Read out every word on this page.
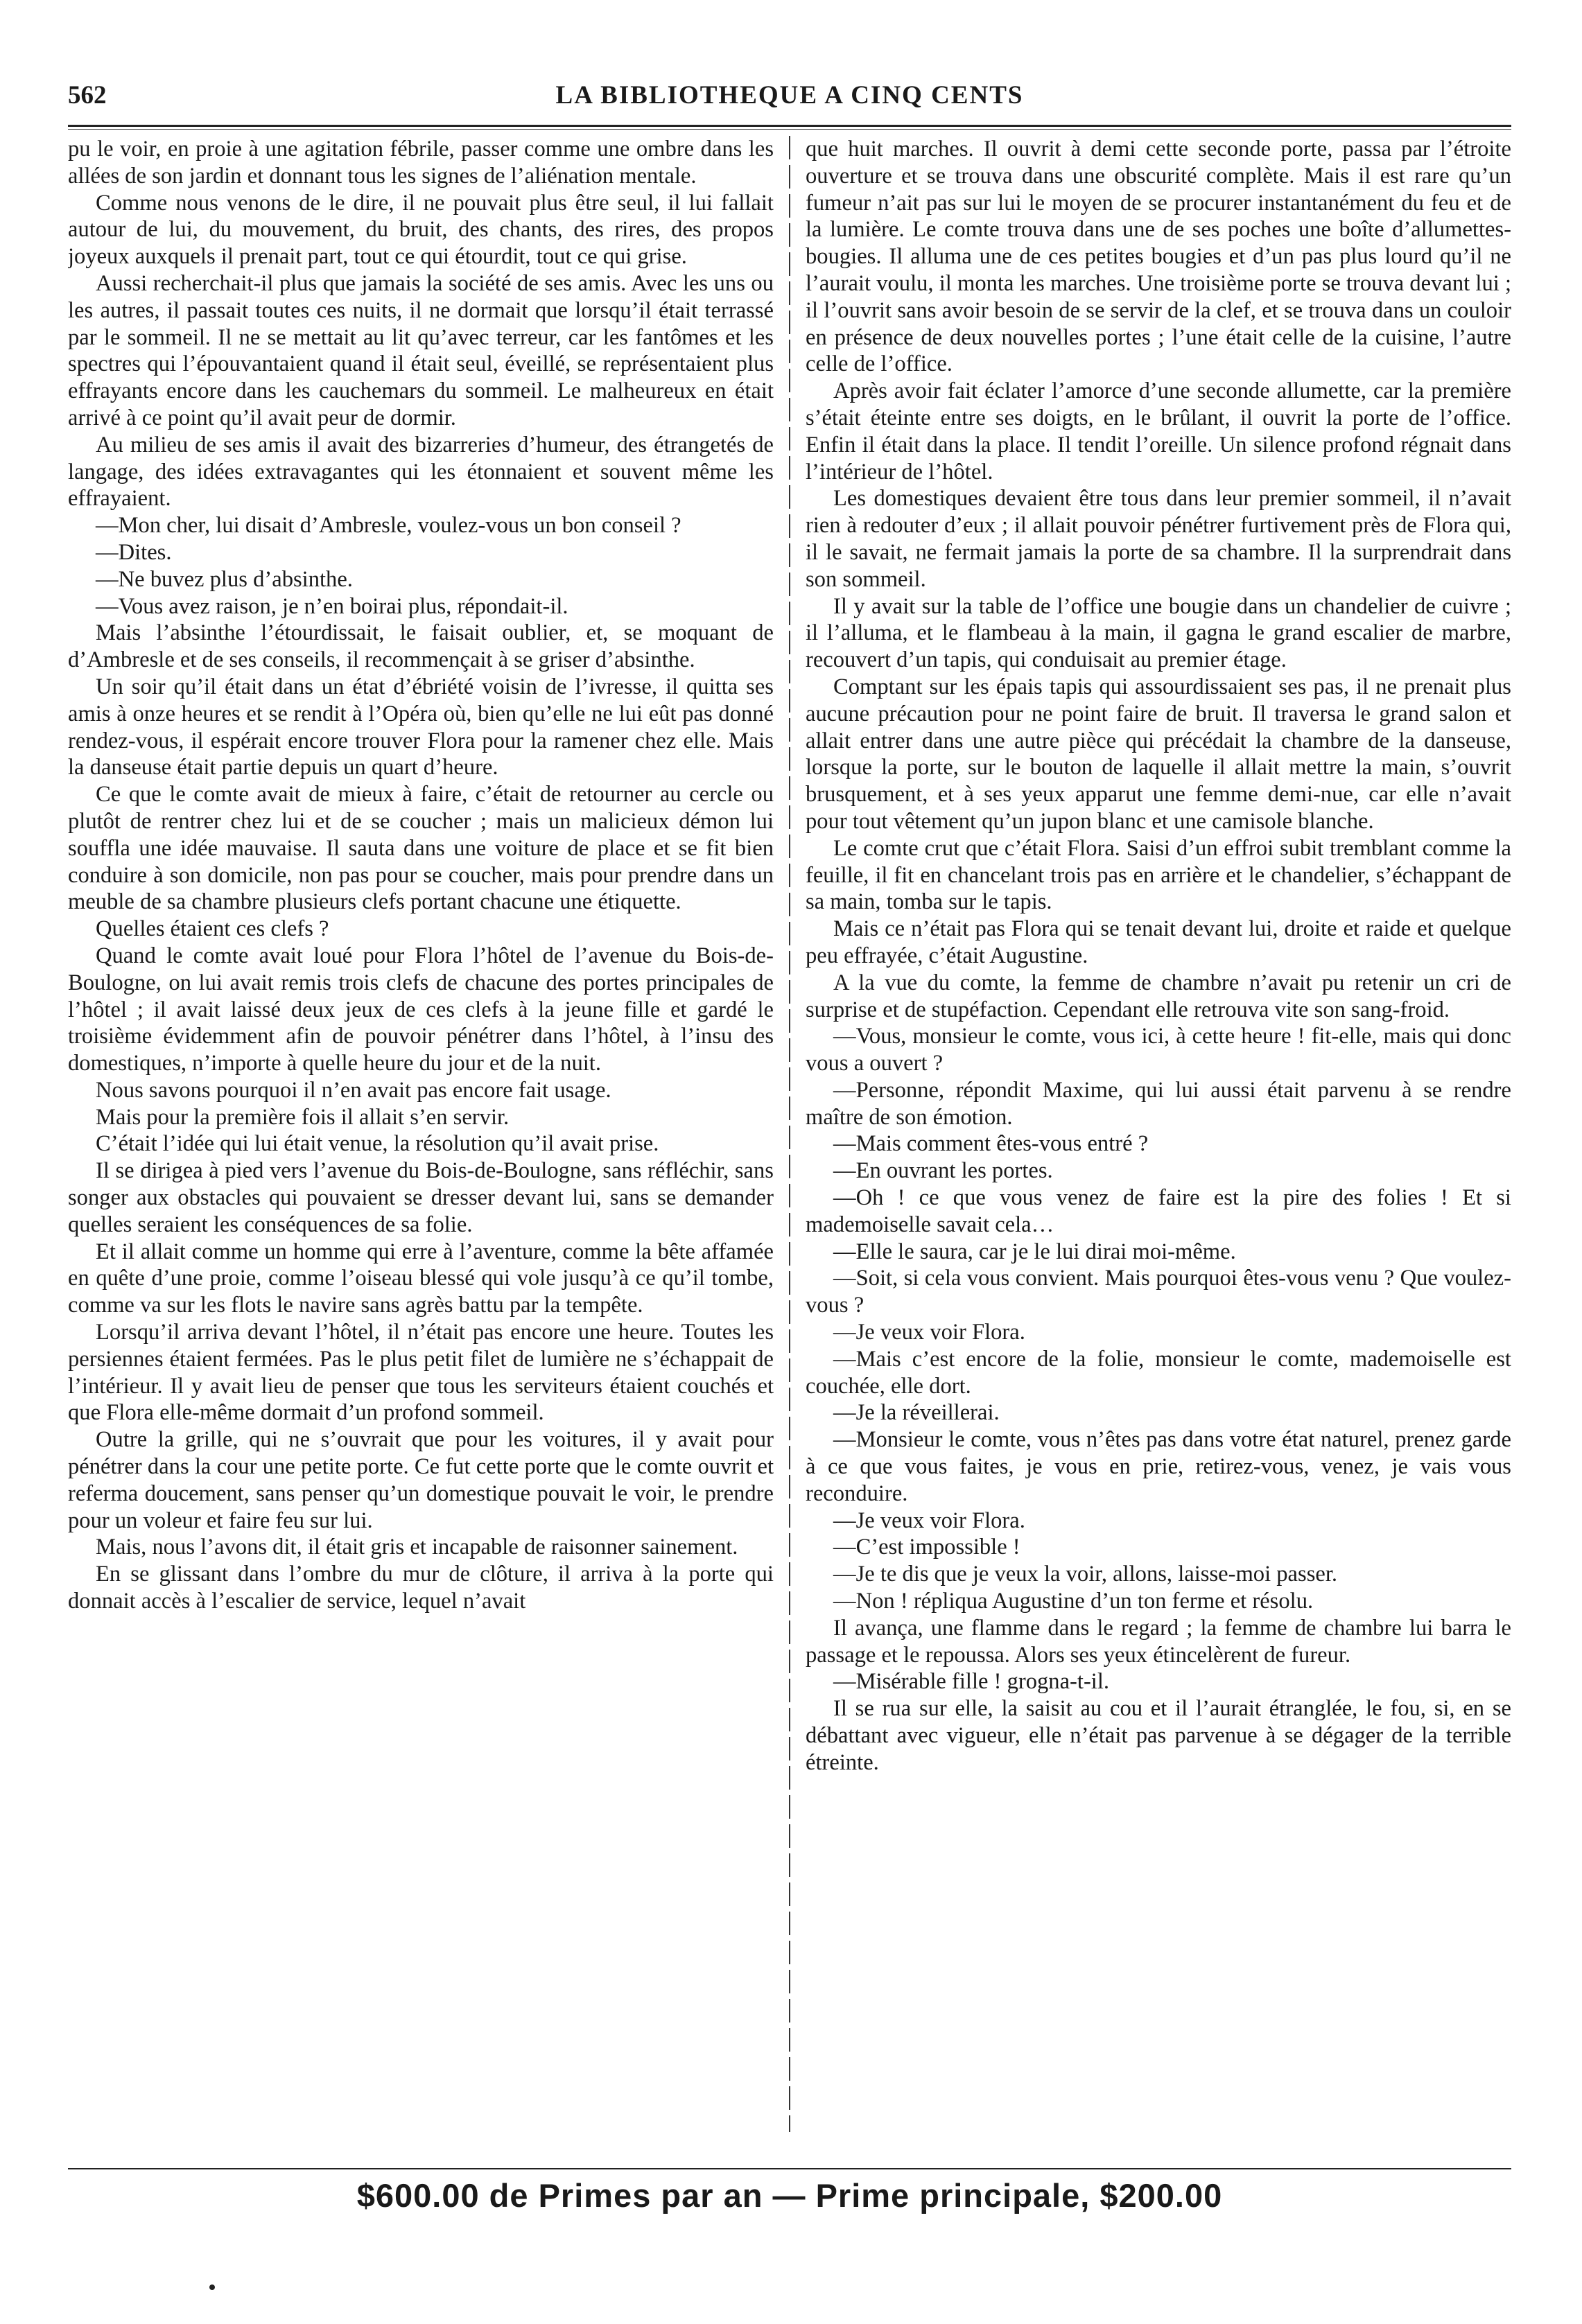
562	LA BIBLIOTHEQUE A CINQ CENTS

pu le voir, en proie à une agitation fébrile, passer comme une ombre dans les allées de son jardin et donnant tous les signes de l’aliénation mentale.

Comme nous venons de le dire, il ne pouvait plus être seul, il lui fallait autour de lui, du mouvement, du bruit, des chants, des rires, des propos joyeux auxquels il prenait part, tout ce qui étourdit, tout ce qui grise.

Aussi recherchait-il plus que jamais la société de ses amis. Avec les uns ou les autres, il passait toutes ces nuits, il ne dormait que lorsqu’il était terrassé par le sommeil. Il ne se mettait au lit qu’avec terreur, car les fantômes et les spectres qui l’épouvantaient quand il était seul, éveillé, se représentaient plus effrayants encore dans les cauchemars du sommeil. Le malheureux en était arrivé à ce point qu’il avait peur de dormir.

Au milieu de ses amis il avait des bizarreries d’humeur, des étrangetés de langage, des idées extravagantes qui les étonnaient et souvent même les effrayaient.

—Mon cher, lui disait d’Ambresle, voulez-vous un bon conseil ?

—Dites.

—Ne buvez plus d’absinthe.

—Vous avez raison, je n’en boirai plus, répondait-il.

Mais l’absinthe l’étourdissait, le faisait oublier, et, se moquant de d’Ambresle et de ses conseils, il recommençait à se griser d’absinthe.

Un soir qu’il était dans un état d’ébriété voisin de l’ivresse, il quitta ses amis à onze heures et se rendit à l’Opéra où, bien qu’elle ne lui eût pas donné rendez-vous, il espérait encore trouver Flora pour la ramener chez elle. Mais la danseuse était partie depuis un quart d’heure.

Ce que le comte avait de mieux à faire, c’était de retourner au cercle ou plutôt de rentrer chez lui et de se coucher ; mais un malicieux démon lui souffla une idée mauvaise. Il sauta dans une voiture de place et se fit bien conduire à son domicile, non pas pour se coucher, mais pour prendre dans un meuble de sa chambre plusieurs clefs portant chacune une étiquette.

Quelles étaient ces clefs ?

Quand le comte avait loué pour Flora l’hôtel de l’avenue du Bois-de-Boulogne, on lui avait remis trois clefs de chacune des portes principales de l’hôtel ; il avait laissé deux jeux de ces clefs à la jeune fille et gardé le troisième évidemment afin de pouvoir pénétrer dans l’hôtel, à l’insu des domestiques, n’importe à quelle heure du jour et de la nuit.

Nous savons pourquoi il n’en avait pas encore fait usage.

Mais pour la première fois il allait s’en servir.

C’était l’idée qui lui était venue, la résolution qu’il avait prise.

Il se dirigea à pied vers l’avenue du Bois-de-Boulogne, sans réfléchir, sans songer aux obstacles qui pouvaient se dresser devant lui, sans se demander quelles seraient les conséquences de sa folie.

Et il allait comme un homme qui erre à l’aventure, comme la bête affamée en quête d’une proie, comme l’oiseau blessé qui vole jusqu’à ce qu’il tombe, comme va sur les flots le navire sans agrès battu par la tempête.

Lorsqu’il arriva devant l’hôtel, il n’était pas encore une heure. Toutes les persiennes étaient fermées. Pas le plus petit filet de lumière ne s’échappait de l’intérieur. Il y avait lieu de penser que tous les serviteurs étaient couchés et que Flora elle-même dormait d’un profond sommeil.

Outre la grille, qui ne s’ouvrait que pour les voitures, il y avait pour pénétrer dans la cour une petite porte. Ce fut cette porte que le comte ouvrit et referma doucement, sans penser qu’un domestique pouvait le voir, le prendre pour un voleur et faire feu sur lui.

Mais, nous l’avons dit, il était gris et incapable de raisonner sainement.

En se glissant dans l’ombre du mur de clôture, il arriva à la porte qui donnait accès à l’escalier de service, lequel n’avait

que huit marches. Il ouvrit à demi cette seconde porte, passa par l’étroite ouverture et se trouva dans une obscurité complète. Mais il est rare qu’un fumeur n’ait pas sur lui le moyen de se procurer instantanément du feu et de la lumière. Le comte trouva dans une de ses poches une boîte d’allumettes-bougies. Il alluma une de ces petites bougies et d’un pas plus lourd qu’il ne l’aurait voulu, il monta les marches. Une troisième porte se trouva devant lui ; il l’ouvrit sans avoir besoin de se servir de la clef, et se trouva dans un couloir en présence de deux nouvelles portes ; l’une était celle de la cuisine, l’autre celle de l’office.

Après avoir fait éclater l’amorce d’une seconde allumette, car la première s’était éteinte entre ses doigts, en le brûlant, il ouvrit la porte de l’office. Enfin il était dans la place. Il tendit l’oreille. Un silence profond régnait dans l’intérieur de l’hôtel.

Les domestiques devaient être tous dans leur premier sommeil, il n’avait rien à redouter d’eux ; il allait pouvoir pénétrer furtivement près de Flora qui, il le savait, ne fermait jamais la porte de sa chambre. Il la surprendrait dans son sommeil.

Il y avait sur la table de l’office une bougie dans un chandelier de cuivre ; il l’alluma, et le flambeau à la main, il gagna le grand escalier de marbre, recouvert d’un tapis, qui conduisait au premier étage.

Comptant sur les épais tapis qui assourdissaient ses pas, il ne prenait plus aucune précaution pour ne point faire de bruit. Il traversa le grand salon et allait entrer dans une autre pièce qui précédait la chambre de la danseuse, lorsque la porte, sur le bouton de laquelle il allait mettre la main, s’ouvrit brusquement, et à ses yeux apparut une femme demi-nue, car elle n’avait pour tout vêtement qu’un jupon blanc et une camisole blanche.

Le comte crut que c’était Flora. Saisi d’un effroi subit tremblant comme la feuille, il fit en chancelant trois pas en arrière et le chandelier, s’échappant de sa main, tomba sur le tapis.

Mais ce n’était pas Flora qui se tenait devant lui, droite et raide et quelque peu effrayée, c’était Augustine.

A la vue du comte, la femme de chambre n’avait pu retenir un cri de surprise et de stupéfaction. Cependant elle retrouva vite son sang-froid.

—Vous, monsieur le comte, vous ici, à cette heure ! fit-elle, mais qui donc vous a ouvert ?

—Personne, répondit Maxime, qui lui aussi était parvenu à se rendre maître de son émotion.

—Mais comment êtes-vous entré ?

—En ouvrant les portes.

—Oh ! ce que vous venez de faire est la pire des folies ! Et si mademoiselle savait cela…

—Elle le saura, car je le lui dirai moi-même.

—Soit, si cela vous convient. Mais pourquoi êtes-vous venu ? Que voulez-vous ?

—Je veux voir Flora.

—Mais c’est encore de la folie, monsieur le comte, mademoiselle est couchée, elle dort.

—Je la réveillerai.

—Monsieur le comte, vous n’êtes pas dans votre état naturel, prenez garde à ce que vous faites, je vous en prie, retirez-vous, venez, je vais vous reconduire.

—Je veux voir Flora.

—C’est impossible !

—Je te dis que je veux la voir, allons, laisse-moi passer.

—Non ! répliqua Augustine d’un ton ferme et résolu.

Il avança, une flamme dans le regard ; la femme de chambre lui barra le passage et le repoussa. Alors ses yeux étincelèrent de fureur.

—Misérable fille ! grogna-t-il.

Il se rua sur elle, la saisit au cou et il l’aurait étranglée, le fou, si, en se débattant avec vigueur, elle n’était pas parvenue à se dégager de la terrible étreinte.

$600.00 de Primes par an — Prime principale, $200.00
